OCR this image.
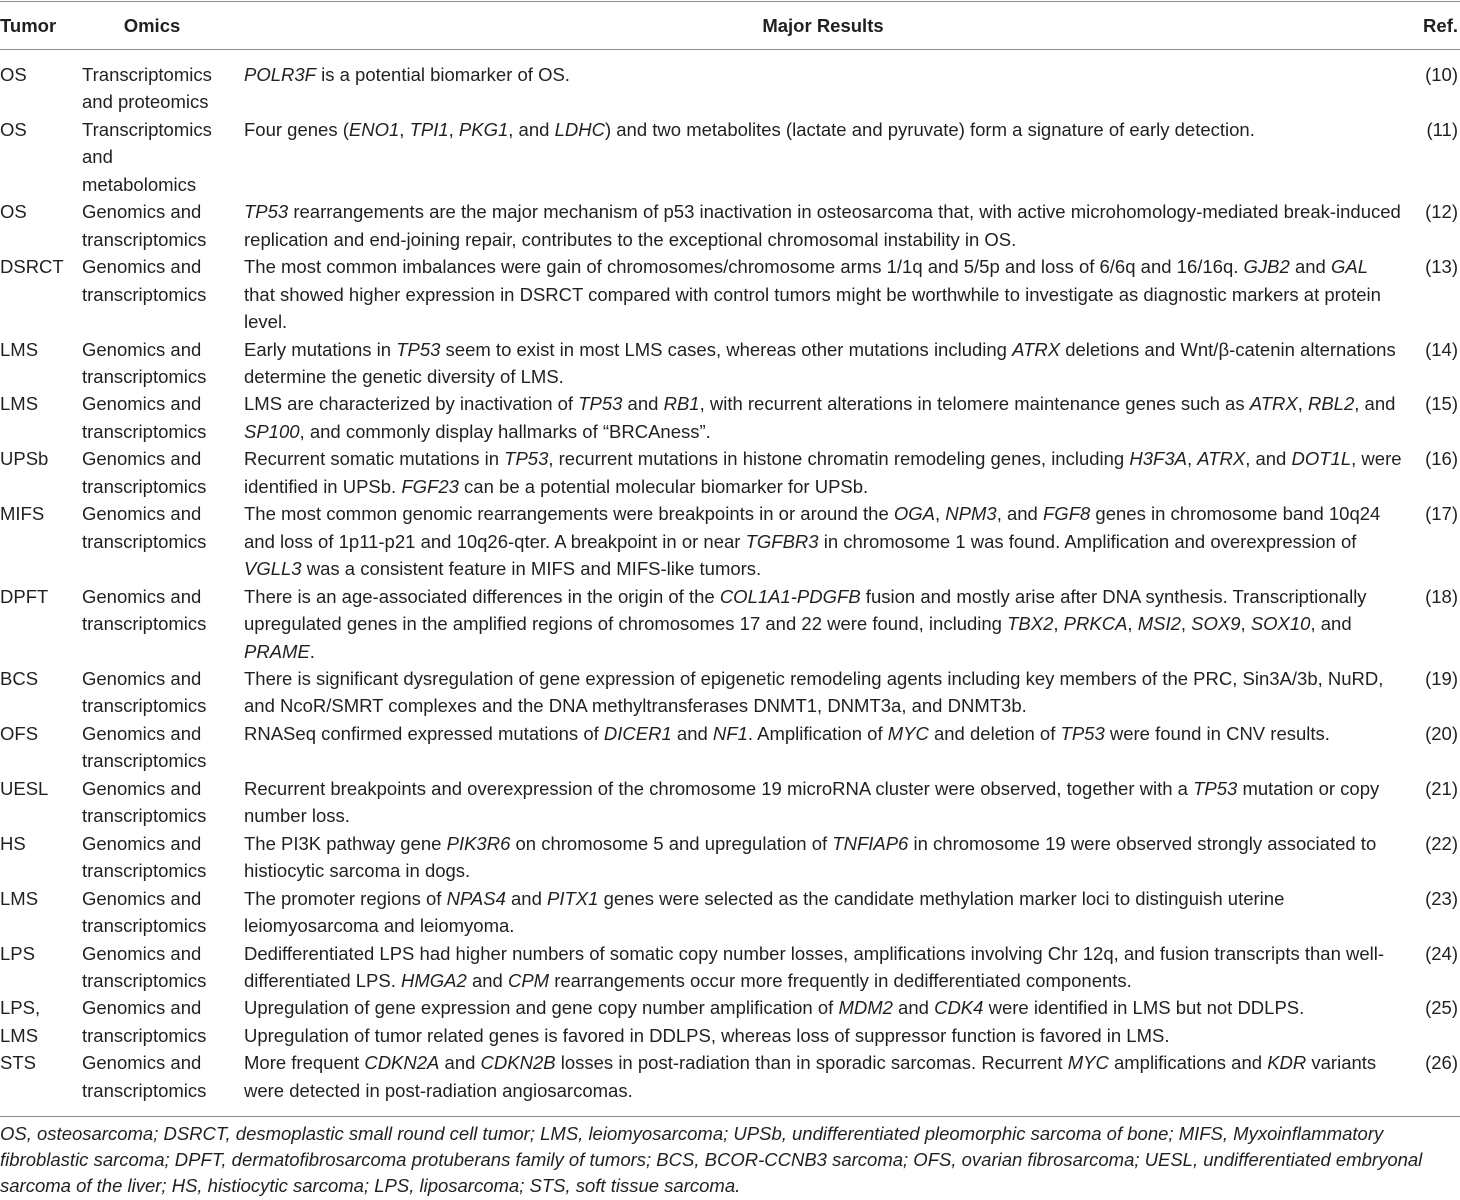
Tumor	Omics	Major Results	Ref.
OS	Transcriptomics and proteomics	POLR3F is a potential biomarker of OS.	(10)
OS	Transcriptomics and metabolomics	Four genes (ENO1, TPI1, PKG1, and LDHC) and two metabolites (lactate and pyruvate) form a signature of early detection.	(11)
OS	Genomics and transcriptomics	TP53 rearrangements are the major mechanism of p53 inactivation in osteosarcoma that, with active microhomology-mediated break-induced replication and end-joining repair, contributes to the exceptional chromosomal instability in OS.	(12)
DSRCT	Genomics and transcriptomics	The most common imbalances were gain of chromosomes/chromosome arms 1/1q and 5/5p and loss of 6/6q and 16/16q. GJB2 and GAL that showed higher expression in DSRCT compared with control tumors might be worthwhile to investigate as diagnostic markers at protein level.	(13)
LMS	Genomics and transcriptomics	Early mutations in TP53 seem to exist in most LMS cases, whereas other mutations including ATRX deletions and Wnt/β-catenin alternations determine the genetic diversity of LMS.	(14)
LMS	Genomics and transcriptomics	LMS are characterized by inactivation of TP53 and RB1, with recurrent alterations in telomere maintenance genes such as ATRX, RBL2, and SP100, and commonly display hallmarks of “BRCAness”.	(15)
UPSb	Genomics and transcriptomics	Recurrent somatic mutations in TP53, recurrent mutations in histone chromatin remodeling genes, including H3F3A, ATRX, and DOT1L, were identified in UPSb. FGF23 can be a potential molecular biomarker for UPSb.	(16)
MIFS	Genomics and transcriptomics	The most common genomic rearrangements were breakpoints in or around the OGA, NPM3, and FGF8 genes in chromosome band 10q24 and loss of 1p11-p21 and 10q26-qter. A breakpoint in or near TGFBR3 in chromosome 1 was found. Amplification and overexpression of VGLL3 was a consistent feature in MIFS and MIFS-like tumors.	(17)
DPFT	Genomics and transcriptomics	There is an age-associated differences in the origin of the COL1A1-PDGFB fusion and mostly arise after DNA synthesis. Transcriptionally upregulated genes in the amplified regions of chromosomes 17 and 22 were found, including TBX2, PRKCA, MSI2, SOX9, SOX10, and PRAME.	(18)
BCS	Genomics and transcriptomics	There is significant dysregulation of gene expression of epigenetic remodeling agents including key members of the PRC, Sin3A/3b, NuRD, and NcoR/SMRT complexes and the DNA methyltransferases DNMT1, DNMT3a, and DNMT3b.	(19)
OFS	Genomics and transcriptomics	RNASeq confirmed expressed mutations of DICER1 and NF1. Amplification of MYC and deletion of TP53 were found in CNV results.	(20)
UESL	Genomics and transcriptomics	Recurrent breakpoints and overexpression of the chromosome 19 microRNA cluster were observed, together with a TP53 mutation or copy number loss.	(21)
HS	Genomics and transcriptomics	The PI3K pathway gene PIK3R6 on chromosome 5 and upregulation of TNFIAP6 in chromosome 19 were observed strongly associated to histiocytic sarcoma in dogs.	(22)
LMS	Genomics and transcriptomics	The promoter regions of NPAS4 and PITX1 genes were selected as the candidate methylation marker loci to distinguish uterine leiomyosarcoma and leiomyoma.	(23)
LPS	Genomics and transcriptomics	Dedifferentiated LPS had higher numbers of somatic copy number losses, amplifications involving Chr 12q, and fusion transcripts than well-differentiated LPS. HMGA2 and CPM rearrangements occur more frequently in dedifferentiated components.	(24)
LPS, LMS	Genomics and transcriptomics	Upregulation of gene expression and gene copy number amplification of MDM2 and CDK4 were identified in LMS but not DDLPS. Upregulation of tumor related genes is favored in DDLPS, whereas loss of suppressor function is favored in LMS.	(25)
STS	Genomics and transcriptomics	More frequent CDKN2A and CDKN2B losses in post-radiation than in sporadic sarcomas. Recurrent MYC amplifications and KDR variants were detected in post-radiation angiosarcomas.	(26)
OS, osteosarcoma; DSRCT, desmoplastic small round cell tumor; LMS, leiomyosarcoma; UPSb, undifferentiated pleomorphic sarcoma of bone; MIFS, Myxoinflammatory fibroblastic sarcoma; DPFT, dermatofibrosarcoma protuberans family of tumors; BCS, BCOR-CCNB3 sarcoma; OFS, ovarian fibrosarcoma; UESL, undifferentiated embryonal sarcoma of the liver; HS, histiocytic sarcoma; LPS, liposarcoma; STS, soft tissue sarcoma.
